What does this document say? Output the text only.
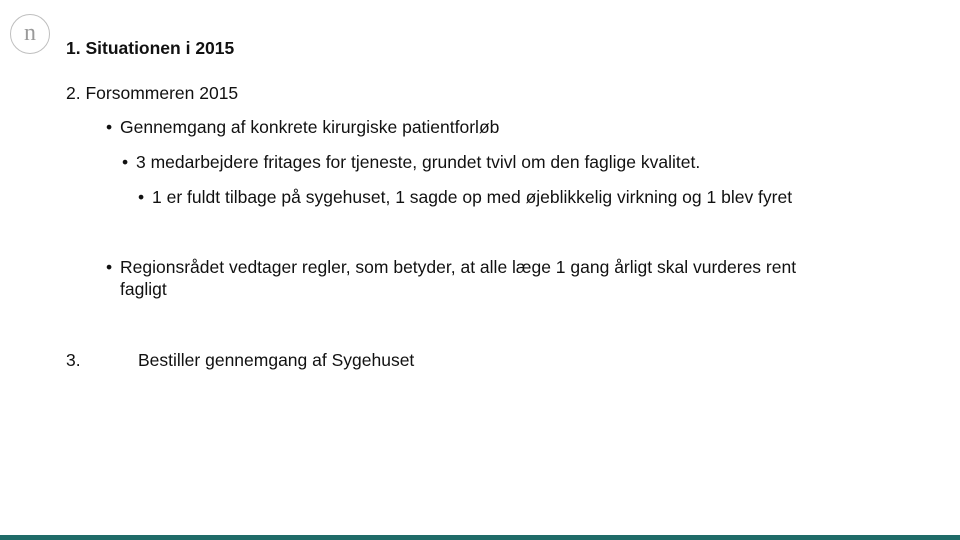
n
1. Situationen i 2015
2. Forsommeren 2015
• Gennemgang af konkrete kirurgiske patientforløb
• 3 medarbejdere fritages for tjeneste, grundet tvivl om den faglige kvalitet.
• 1 er fuldt tilbage på sygehuset, 1 sagde op med øjeblikkelig virkning og 1 blev fyret
• Regionsrådet vedtager regler, som betyder, at alle læge 1 gang årligt skal vurderes rent
fagligt
3.	Bestiller gennemgang af Sygehuset
